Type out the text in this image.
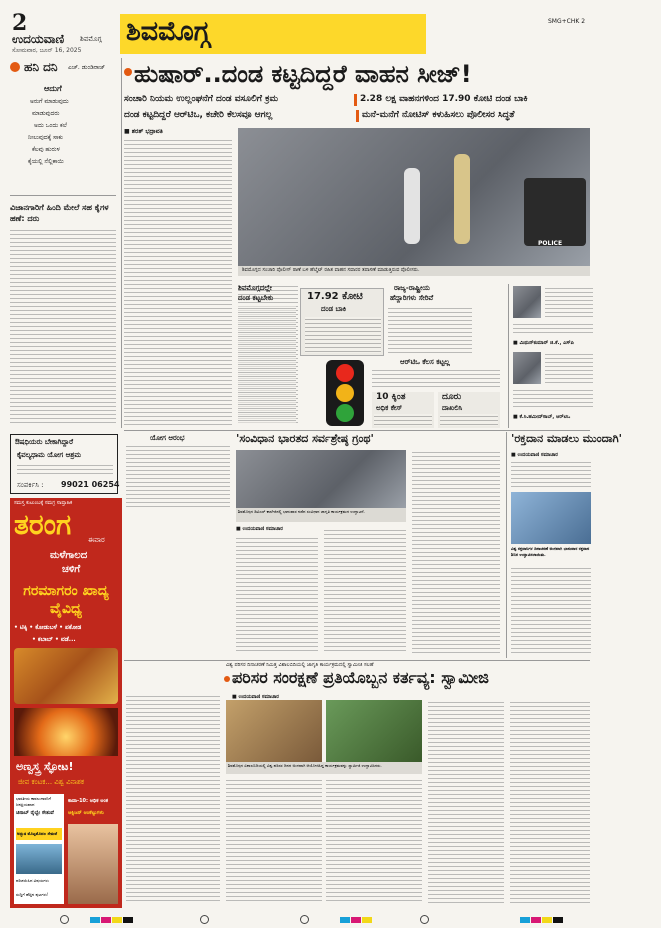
2
ಉದಯವಾಣಿ ಶಿವಮೊಗ್ಗ
ಸೋಮವಾರ, ಜೂನ್ 16, 2025
ಶಿವಮೊಗ್ಗ	SMG+CHK 2
ಹನಿ ದನಿ ಎಚ್. ಡುಂಡಿರಾಜ್
ಆದುಗೆ
ಅರುಗೆ ಮಾಡುವುದು
ಮಾಡುವುದರು
ಅದು ಒಂದು ಕಲೆ
ನೀಲುವುದಕ್ಕೆ ಸಾಕು
ಕೆಲವು ಹುರುಳ
ಕೈಯಲ್ಲಿ ನೆಲ್ಲಿಕಾಯಿ
ವಿಜಾನಗಾರಿಗೆ ಹಿಂದಿ ಮೇಲೆ ಸಹ ಕೈಗಳ ಹಣೆ: ದರು
ಔಷಧಿಯರು ಬೇಕಾಗಿದ್ದಾರೆ
ಕೈವಲ್ಯಧಾಮ ಯೋಗ ಆಶ್ರಮ
ಸಂಪರ್ಕಿಸಿ : 99021 06254
ಸಮಸ್ತ ಕುಟುಂಬಕ್ಕೆ ಸಮಗ್ರ ಸಾಪ್ತಾಹಿಕ
ತರಂಗ ಈವಾರ
ಮಳೆಗಾಲದ
ಚಳಿಗೆ
ಗರಮಾಗರಂ ಖಾದ್ಯ ವೈವಿಧ್ಯ
• ಟಿಕ್ಕಿ • ಕೋಡುಬಳೆ • ಪಕೋಡ
• ಕಬಾಬ್ • ವಡೆ...
ಅಣ್ವಸ್ತ್ರ ಸ್ಫೋಟ!
ಜೀವ ಕಂಟಕ... ವಿಶ್ವ ವಿನಾಶಕ
ಭಾರತೀಯ ಕಾವಲುಗಾರನಿಗೆ ಜನಪ್ರಿಯವಾದ
ಚಿನಾಬ್ ರೈಲ್ವೇ ಸೇತುವೆ
ಅದ್ಭುತ ಮೊಟ್ಟಮೊದಲ ಸೇತುವೆ
ಪರಿಚಯಿಸಿದ ವಿಷಯಗಳು
ಸುದ್ದಿಗೆ ಹೆಚ್ಚಿನ ಪುಟಗಳು!
ಕಾವಾ-10: ಅಧಿಕ ಅಂಕ
ಆಕ್ಸಿಜನ್ ಅಂಕೆಟ್ಟುಗಳು
ಹುಷಾರ್..ದಂಡ ಕಟ್ಟದಿದ್ದರೆ ವಾಹನ ಸೀಜ್!
ಸಂಚಾರಿ ನಿಯಮ ಉಲ್ಲಂಘನೆಗೆ ದಂಡ ವಸೂಲಿಗೆ ಕ್ರಮ	2.28 ಲಕ್ಷ ವಾಹನಗಳಿಂದ 17.90 ಕೋಟಿ ದಂಡ ಬಾಕಿ
ದಂಡ ಕಟ್ಟದಿದ್ದರೆ ಆರ್‌ಟಿಒ, ಕಚೇರಿ ಕೆಲಸವೂ ಆಗಲ್ಲ	ಮನೆ-ಮನೆಗೆ ನೋಟಿಸ್ ಕಳುಹಿಸಲು ಪೊಲೀಸರ ಸಿದ್ಧತೆ
■ ಶರತ್ ಭದ್ರಾವತಿ
POLICE
ಶಿವಮೊಗ್ಗದ ಸಂಚಾರಿ ಪೊಲೀಸ್ ಠಾಣೆ ಬಳಿ ಹೆಲ್ಮೆಟ್ ರಹಿತ ವಾಹನ ಸವಾರರ ತಪಾಸಣೆ ಮಾಡುತ್ತಿರುವ ಪೊಲೀಸರು.
ಶಿವಮೊಗ್ಗದಲ್ಲೇ
ದಂಡ ಕಟ್ಟಬೇಕು	17.92 ಕೋಟಿ
ದಂಡ ಬಾಕಿ
ರಾಜ್ಯ-ರಾಷ್ಟ್ರೀಯ
ಹೆದ್ದಾರಿಗಳು ಸೇರಿವೆ
ಆರ್‌ಟಿಒ ಕೆಲಸ ಕಟ್ಟಲ್ಲ
10 ಕ್ಕಿಂತ
ಅಧಿಕ ಕೇಸ್
ದೂರು
ದಾಖಲಿಸಿ
■ ಮಿಥುನ್‌ಕುಮಾರ್ ಜಿ.ಕೆ., ಎಸ್‌ಪಿ
■ ಕೆ.ಸಿ.ಹಮೀದ್‌ಸಾಬ್, ಆರ್‌ಟಿಒ
ಯೋಗ ಆರಂಭ	'ಸಂವಿಧಾನ ಭಾರತದ ಸರ್ವಶ್ರೇಷ್ಠ ಗ್ರಂಥ'
ಶಿವಮೊಗ್ಗದ ಡಿವಿಎಸ್ ಕಾಲೇಜಿನಲ್ಲಿ ಭಾನುವಾರ ನಡೆದ ಸಂವಿಧಾನ ಜಾಗೃತಿ ಕಾರ್ಯಕ್ರಮದ ಉದ್ಘಾಟನೆ.
■ ಉದಯವಾಣಿ ಸಮಾಚಾರ
'ರಕ್ತದಾನ ಮಾಡಲು ಮುಂದಾಗಿ'
■ ಉದಯವಾಣಿ ಸಮಾಚಾರ
ವಿಶ್ವ ರಕ್ತದಾನಿಗಳ ದಿನಾಚರಣೆ ಅಂಗವಾಗಿ ಭಾನುವಾರ ರಕ್ತದಾನ ಶಿಬಿರ ಉದ್ಘಾಟಿಸಲಾಯಿತು.
ವಿಶ್ವ ಪರಿಸರ ದಿನಾಚರಣೆ ನಿಮಿತ್ತ ವಿಶಾಲಬಿದಿಯಲ್ಲಿ ಜಾಗೃತಿ ಕಾರ್ಯಕ್ರಮದಲ್ಲಿ ಸ್ವಾಮೀಜಿ ಸಲಹೆ
ಪರಿಸರ ಸಂರಕ್ಷಣೆ ಪ್ರತಿಯೊಬ್ಬನ ಕರ್ತವ್ಯ: ಸ್ವಾಮೀಜಿ
■ ಉದಯವಾಣಿ ಸಮಾಚಾರ
ಶಿವಮೊಗ್ಗದ ವಿಶಾಲಬಿದಿಯಲ್ಲಿ ವಿಶ್ವ ಪರಿಸರ ದಿನದ ಅಂಗವಾಗಿ ಆಯೋಜಿಸಿದ್ದ ಕಾರ್ಯಕ್ರಮವನ್ನು ಸ್ವಾಮೀಜಿ ಉದ್ಘಾಟಿಸಿದರು.
